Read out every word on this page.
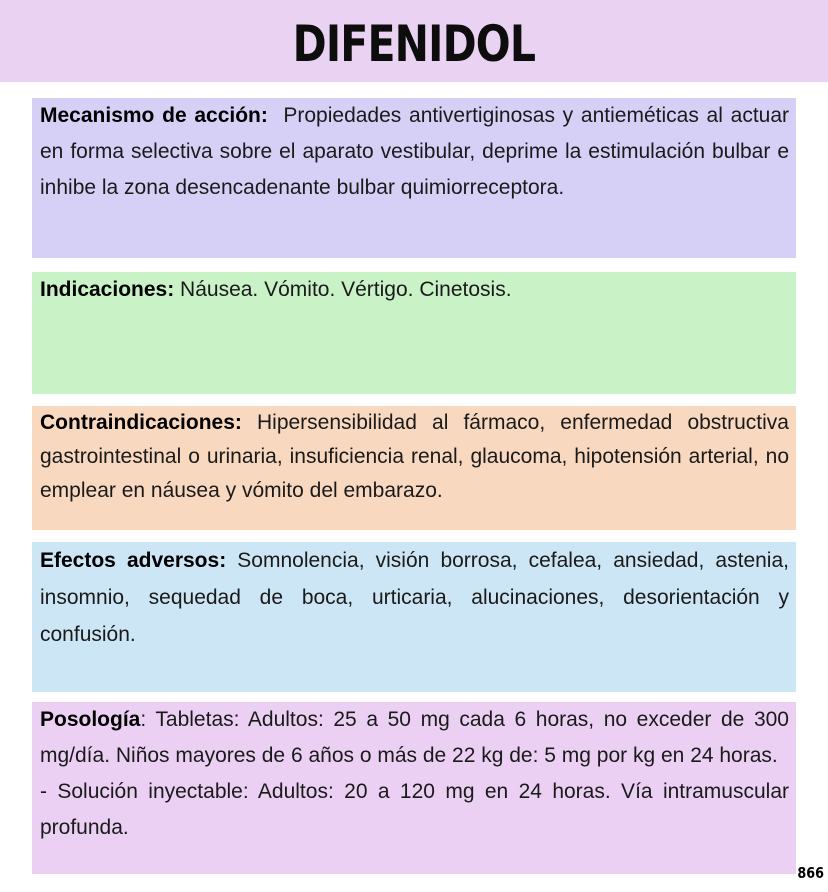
DIFENIDOL
Mecanismo de acción: Propiedades antivertiginosas y antieméticas al actuar en forma selectiva sobre el aparato vestibular, deprime la estimulación bulbar e inhibe la zona desencadenante bulbar quimiorreceptora.
Indicaciones: Náusea. Vómito. Vértigo. Cinetosis.
Contraindicaciones: Hipersensibilidad al fármaco, enfermedad obstructiva gastrointestinal o urinaria, insuficiencia renal, glaucoma, hipotensión arterial, no emplear en náusea y vómito del embarazo.
Efectos adversos: Somnolencia, visión borrosa, cefalea, ansiedad, astenia, insomnio, sequedad de boca, urticaria, alucinaciones, desorientación y confusión.
Posología: Tabletas: Adultos: 25 a 50 mg cada 6 horas, no exceder de 300 mg/día. Niños mayores de 6 años o más de 22 kg de: 5 mg por kg en 24 horas.
- Solución inyectable: Adultos: 20 a 120 mg en 24 horas. Vía intramuscular profunda.
866
